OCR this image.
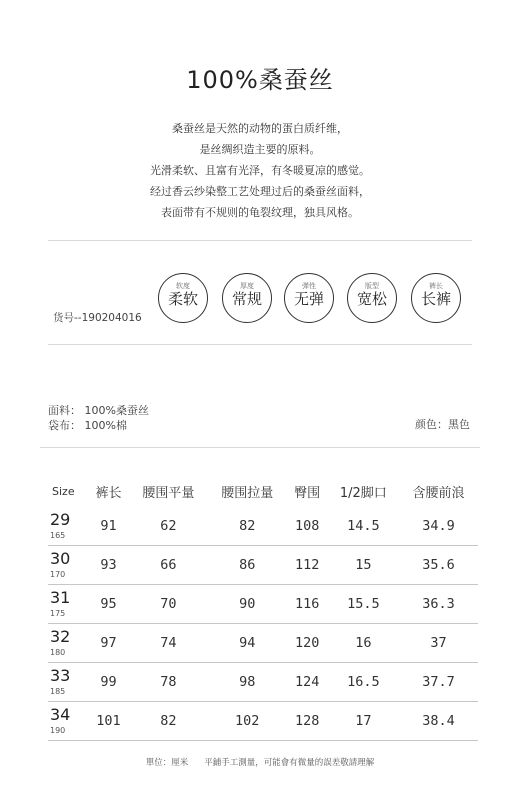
100%桑蚕丝
桑蚕丝是天然的动物的蛋白质纤维，
是丝绸织造主要的原料。
光滑柔软、且富有光泽，有冬暖夏凉的感觉。
经过香云纱染整工艺处理过后的桑蚕丝面料，
表面带有不规则的龟裂纹理，独具风格。
软度
柔软
厚度
常规
弹性
无弹
版型
宽松
裤长
长裤
货号--190204016
面料： 100%桑蚕丝
袋布： 100%棉	颜色：黑色
Size	裤长	腰围平量	腰围拉量	臀围	1/2脚口	含腰前浪

29
165	91	62	82	108	14.5	34.9

30
170	93	66	86	112	15	35.6

31
175	95	70	90	116	15.5	36.3

32
180	97	74	94	120	16	37

33
185	99	78	98	124	16.5	37.7

34
190	101	82	102	128	17	38.4
單位：厘米 平鋪手工測量，可能會有微量的誤差敬請理解
